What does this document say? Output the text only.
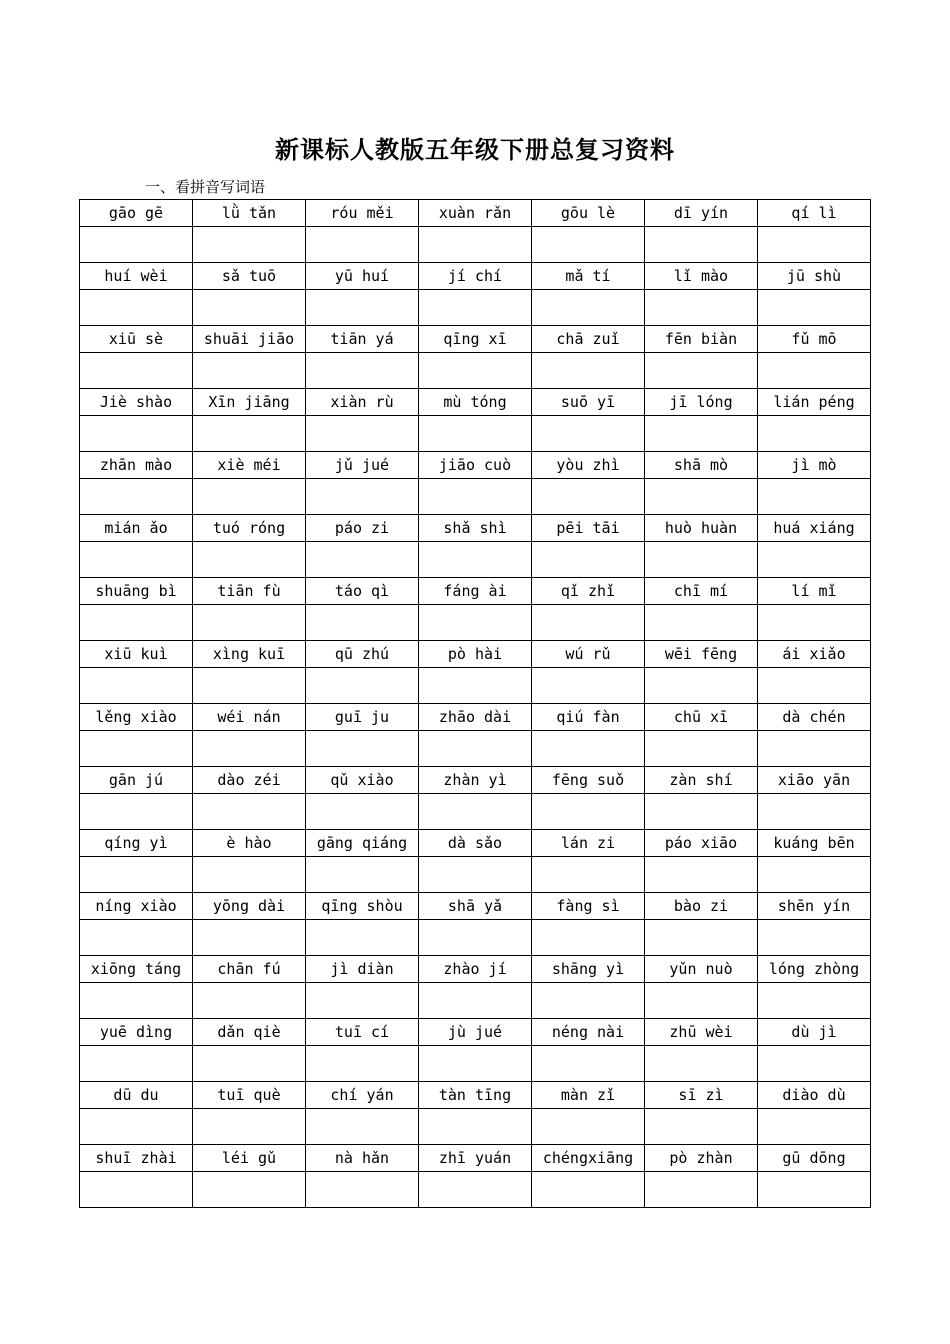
新课标人教版五年级下册总复习资料
一、看拼音写词语
gāo gē	lǜ tǎn	róu měi	xuàn rǎn	gōu lè	dī yín	qí lì

huí wèi	sǎ tuō	yū huí	jí chí	mǎ tí	lǐ mào	jū shù

xiū sè	shuāi jiāo	tiān yá	qīng xī	chā zuǐ	fēn biàn	fǔ mō

Jiè shào	Xīn jiāng	xiàn rù	mù tóng	suō yī	jī lóng	lián péng

zhān mào	xiè méi	jǔ jué	jiāo cuò	yòu zhì	shā mò	jì mò

mián ǎo	tuó róng	páo zi	shǎ shì	pēi tāi	huò huàn	huá xiáng

shuāng bì	tiān fù	táo qì	fáng ài	qǐ zhǐ	chī mí	lí mǐ

xiū kuì	xìng kuī	qū zhú	pò hài	wú rǔ	wēi fēng	ái xiǎo

lěng xiào	wéi nán	guī ju	zhāo dài	qiú fàn	chū xī	dà chén

gān jú	dào zéi	qǔ xiào	zhàn yì	fēng suǒ	zàn shí	xiāo yān

qíng yì	è hào	gāng qiáng	dà sǎo	lán zi	páo xiāo	kuáng bēn

níng xiào	yōng dài	qīng shòu	shā yǎ	fàng sì	bào zi	shēn yín

xiōng táng	chān fú	jì diàn	zhào jí	shāng yì	yǔn nuò	lóng zhòng

yuē dìng	dǎn qiè	tuī cí	jù jué	néng nài	zhū wèi	dù jì

dū du	tuī què	chí yán	tàn tīng	màn zǐ	sī zì	diào dù

shuī zhài	léi gǔ	nà hǎn	zhī yuán	chéngxiāng	pò zhàn	gū dōng
